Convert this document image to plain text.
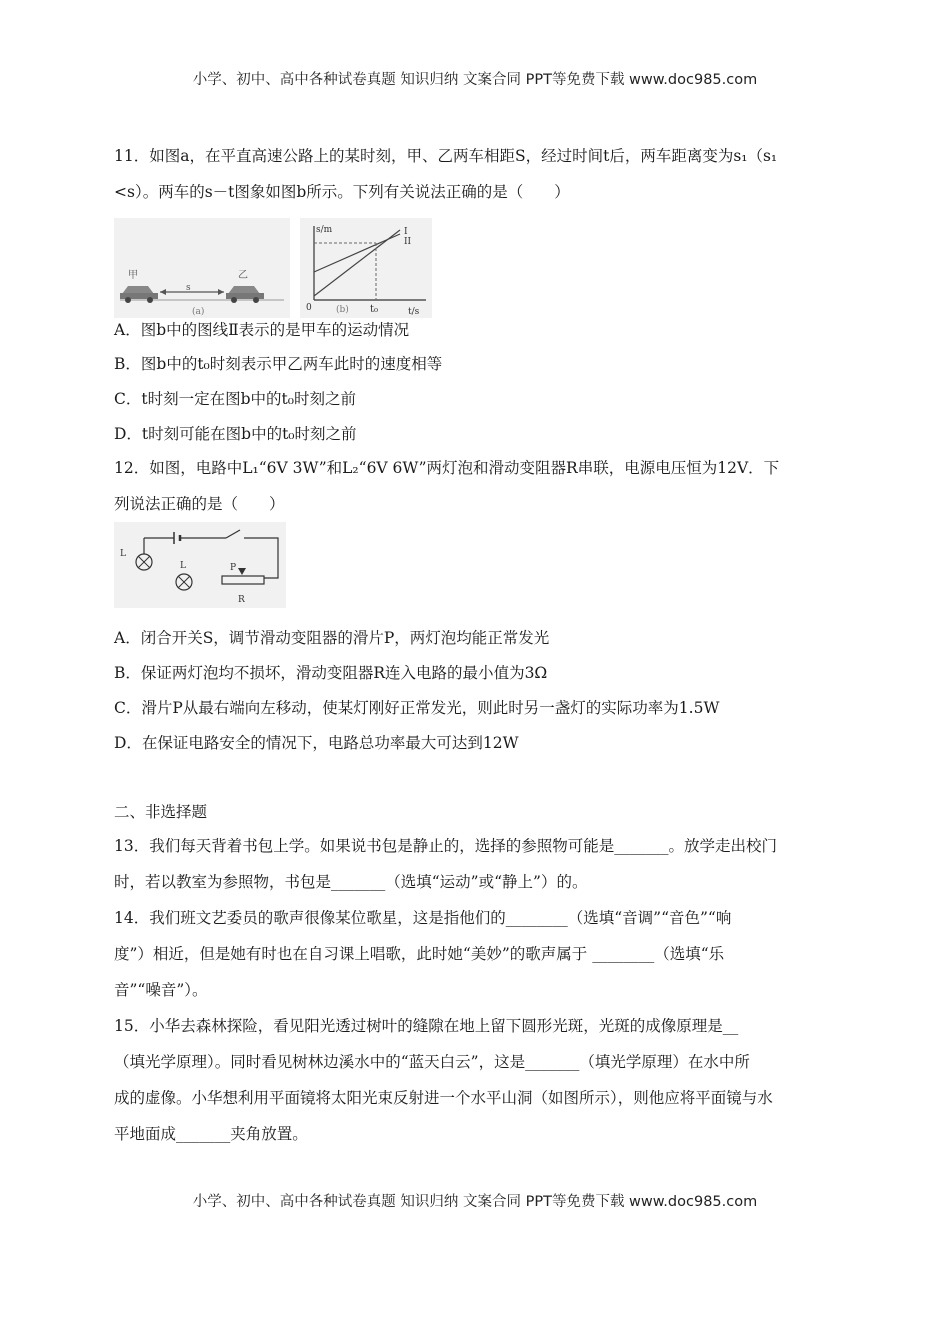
小学、初中、高中各种试卷真题 知识归纳 文案合同 PPT等免费下载 www.doc985.com
11．如图a，在平直高速公路上的某时刻，甲、乙两车相距S，经过时间t后，两车距离变为s₁（s₁
<s）。两车的s－t图象如图b所示。下列有关说法正确的是（　　）
甲
s
乙
(a)
s/m
t/s
0
I
II
t₀
(b)
A．图b中的图线Ⅱ表示的是甲车的运动情况
B．图b中的t₀时刻表示甲乙两车此时的速度相等
C．t时刻一定在图b中的t₀时刻之前
D．t时刻可能在图b中的t₀时刻之前
12．如图，电路中L₁“6V 3W”和L₂“6V 6W”两灯泡和滑动变阻器R串联，电源电压恒为12V．下
列说法正确的是（　　）
L
L	P
R
A．闭合开关S，调节滑动变阻器的滑片P，两灯泡均能正常发光
B．保证两灯泡均不损坏，滑动变阻器R连入电路的最小值为3Ω
C．滑片P从最右端向左移动，使某灯刚好正常发光，则此时另一盏灯的实际功率为1.5W
D．在保证电路安全的情况下，电路总功率最大可达到12W
二、非选择题
13．我们每天背着书包上学。如果说书包是静止的，选择的参照物可能是_______。放学走出校门
时，若以教室为参照物，书包是_______（选填“运动”或“静上”）的。
14．我们班文艺委员的歌声很像某位歌星，这是指他们的________（选填“音调”“音色”“响
度”）相近，但是她有时也在自习课上唱歌，此时她“美妙”的歌声属于 ________（选填“乐
音”“噪音”）。
15．小华去森林探险，看见阳光透过树叶的缝隙在地上留下圆形光斑，光斑的成像原理是__
（填光学原理）。同时看见树林边溪水中的“蓝天白云”，这是_______（填光学原理）在水中所
成的虚像。小华想利用平面镜将太阳光束反射进一个水平山洞（如图所示），则他应将平面镜与水
平地面成_______夹角放置。
小学、初中、高中各种试卷真题 知识归纳 文案合同 PPT等免费下载 www.doc985.com
